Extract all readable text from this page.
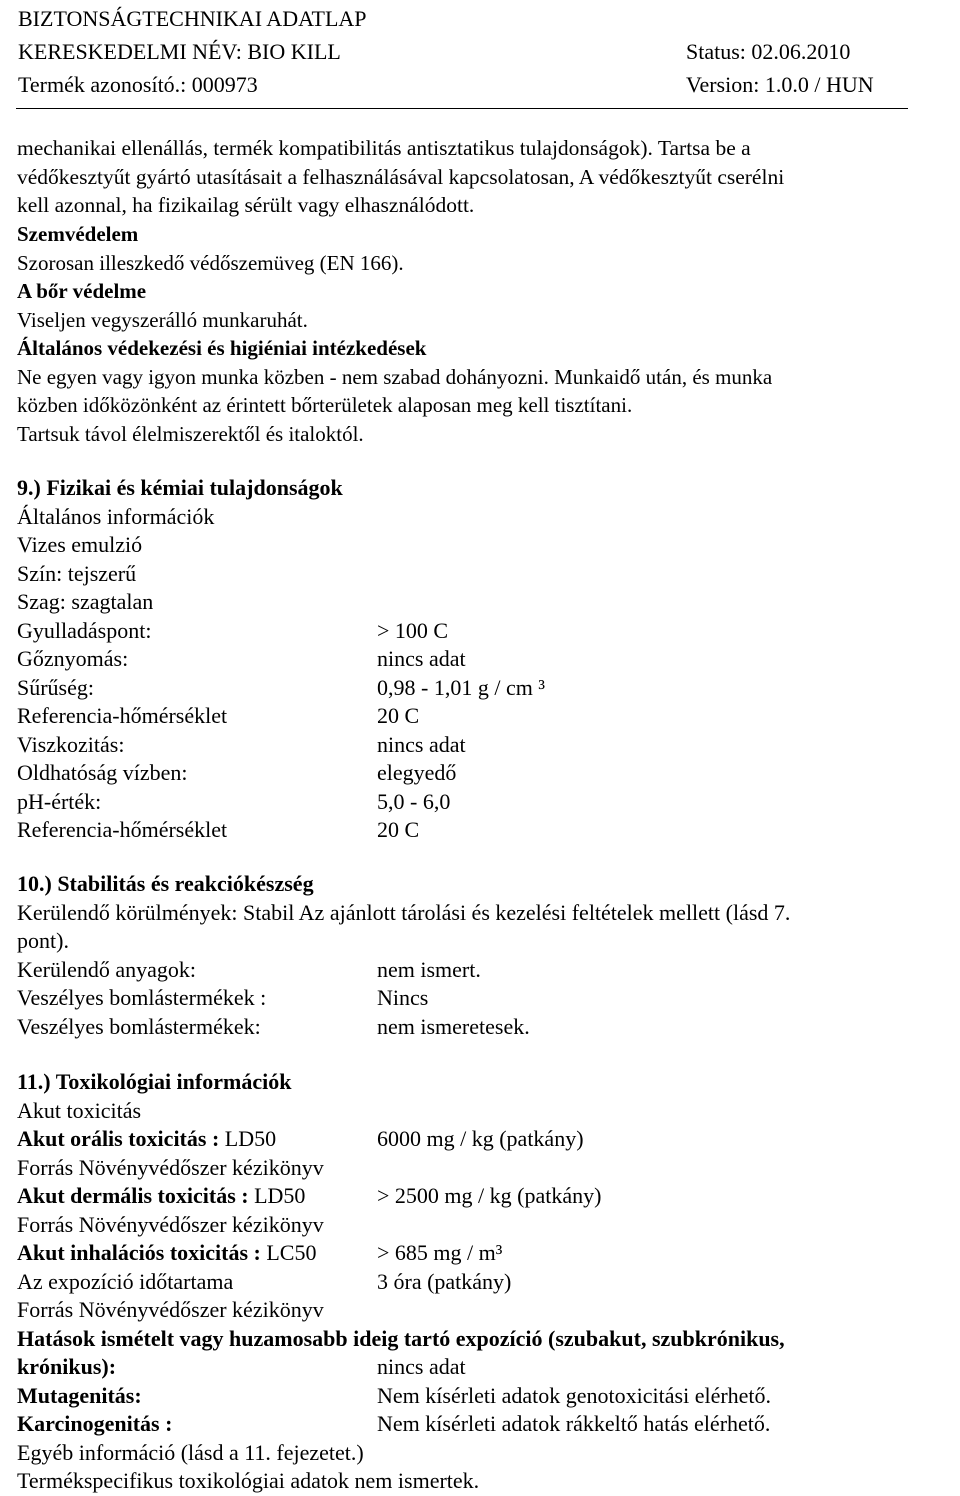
BIZTONSÁGTECHNIKAI ADATLAP
KERESKEDELMI NÉV: BIO KILL	Status: 02.06.2010
Termék azonosító.: 000973	Version: 1.0.0 / HUN
mechanikai ellenállás, termék kompatibilitás antisztatikus tulajdonságok). Tartsa be a
védőkesztyűt gyártó utasításait a felhasználásával kapcsolatosan, A védőkesztyűt cserélni
kell azonnal, ha fizikailag sérült vagy elhasználódott.
Szemvédelem
Szorosan illeszkedő védőszemüveg (EN 166).
A bőr védelme
Viseljen vegyszerálló munkaruhát.
Általános védekezési és higiéniai intézkedések
Ne egyen vagy igyon munka közben - nem szabad dohányozni. Munkaidő után, és munka
közben időközönként az érintett bőrterületek alaposan meg kell tisztítani.
Tartsuk távol élelmiszerektől és italoktól.
9.) Fizikai és kémiai tulajdonságok
Általános információk
Vizes emulzió
Szín: tejszerű
Szag: szagtalan
Gyulladáspont:	> 100 C
Gőznyomás:	nincs adat
Sűrűség:	0,98 - 1,01 g / cm ³
Referencia-hőmérséklet	20 C
Viszkozitás:	nincs adat
Oldhatóság vízben:	elegyedő
pH-érték:	5,0 - 6,0
Referencia-hőmérséklet	20 C
10.) Stabilitás és reakciókészség
Kerülendő körülmények: Stabil Az ajánlott tárolási és kezelési feltételek mellett (lásd 7.
pont).
Kerülendő anyagok:	nem ismert.
Veszélyes bomlástermékek :	Nincs
Veszélyes bomlástermékek:	nem ismeretesek.
11.) Toxikológiai információk
Akut toxicitás
Akut orális toxicitás : LD50	6000 mg / kg (patkány)
Forrás Növényvédőszer kézikönyv
Akut dermális toxicitás : LD50	> 2500 mg / kg (patkány)
Forrás Növényvédőszer kézikönyv
Akut inhalációs toxicitás : LC50	> 685 mg / m³
Az expozíció időtartama	3 óra (patkány)
Forrás Növényvédőszer kézikönyv
Hatások ismételt vagy huzamosabb ideig tartó expozíció (szubakut, szubkrónikus,
krónikus):	nincs adat
Mutagenitás:	Nem kísérleti adatok genotoxicitási elérhető.
Karcinogenitás :	Nem kísérleti adatok rákkeltő hatás elérhető.
Egyéb információ (lásd a 11. fejezetet.)
Termékspecifikus toxikológiai adatok nem ismertek.
